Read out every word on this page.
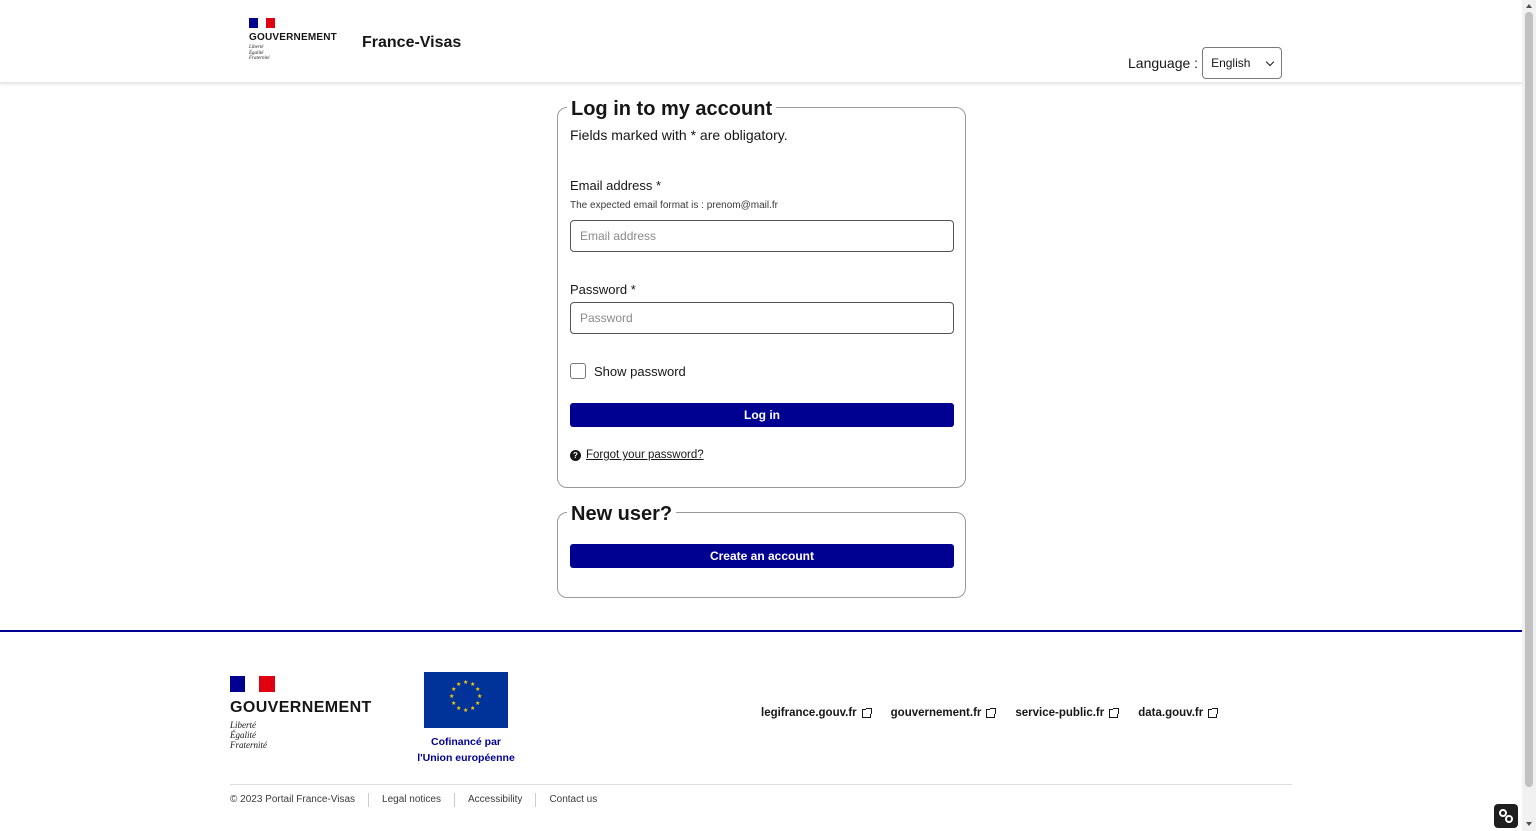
GOUVERNEMENT
Liberté
Égalité
Fraternité
France-Visas
Language : English
Log in to my account
Fields marked with * are obligatory.
Email address *
The expected email format is : prenom@mail.fr
Email address
Password *
Password
Show password
Log in
? Forgot your password?
New user?
Create an account
GOUVERNEMENT
Liberté
Égalité
Fraternité
★ ★
★
★
★
★
★
★
★
★
★
★
Cofinancé par
l'Union européenne
legifrance.gouv.fr	gouvernement.fr	service-public.fr	data.gouv.fr
© 2023 Portail France-Visas	Legal notices	Accessibility	Contact us
